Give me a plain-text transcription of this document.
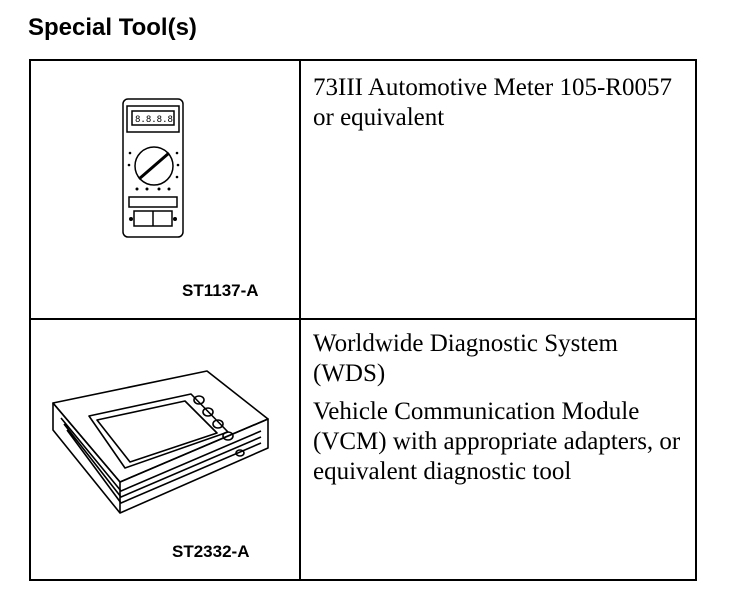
Special Tool(s)
8.8.8.8
ST1137-A

73III Automotive Meter 105-R0057 or equivalent

ST2332-A

Worldwide Diagnostic System (WDS)

Vehicle Communication Module (VCM) with appropriate adapters, or equivalent diagnostic tool
